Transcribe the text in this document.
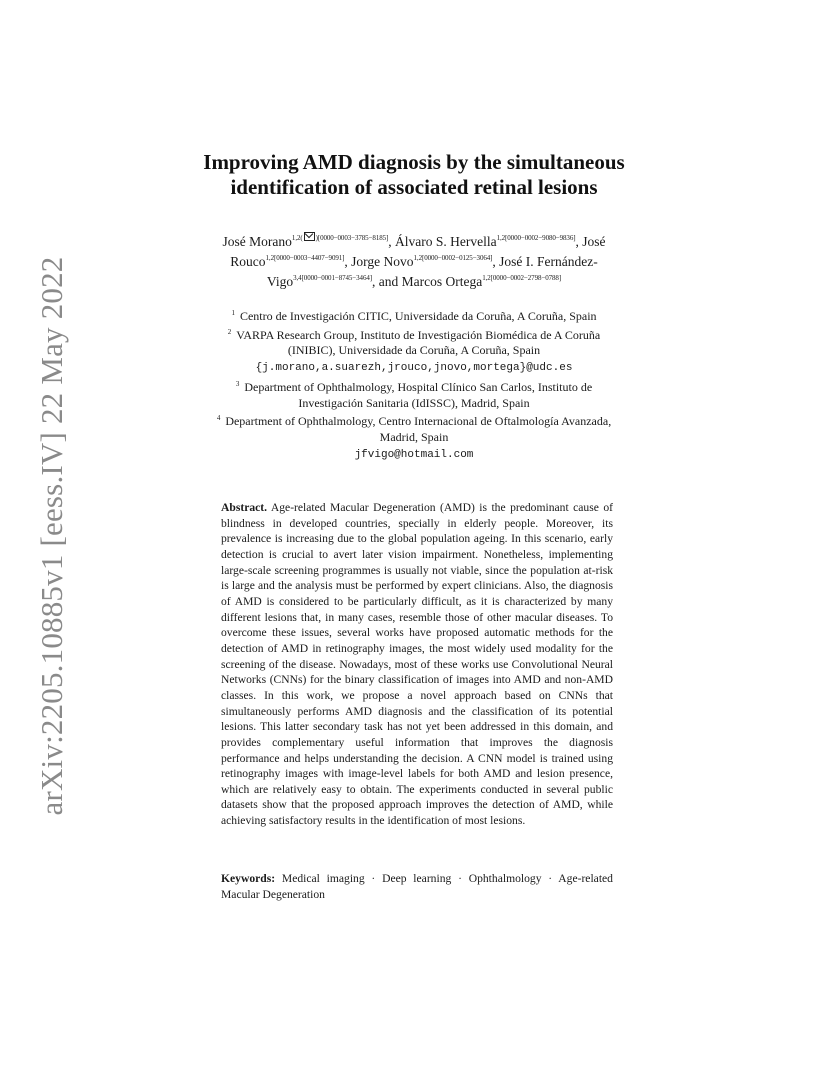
arXiv:2205.10885v1 [eess.IV] 22 May 2022
Improving AMD diagnosis by the simultaneous
identification of associated retinal lesions
José Morano$^{1,2( )[0000-0003-3785-8185]}$, Álvaro S. Hervella$^{1,2[0000-0002-9080-9836]}$, José Rouco$^{1,2[0000-0003-4407-9091]}$, Jorge Novo$^{1,2[0000-0002-0125-3064]}$, José I. Fernández-Vigo$^{3,4[0000-0001-8745-3464]}$, and Marcos Ortega$^{1,2[0000-0002-2798-0788]}$
$^1$ Centro de Investigación CITIC, Universidade da Coruña, A Coruña, Spain
$^2$ VARPA Research Group, Instituto de Investigación Biomédica de A Coruña
(INIBIC), Universidade da Coruña, A Coruña, Spain
{j.morano,a.suarezh,jrouco,jnovo,mortega}@udc.es
$^3$ Department of Ophthalmology, Hospital Clínico San Carlos, Instituto de
Investigación Sanitaria (IdISSC), Madrid, Spain
$^4$ Department of Ophthalmology, Centro Internacional de Oftalmología Avanzada,
Madrid, Spain
jfvigo@hotmail.com
Abstract. Age-related Macular Degeneration (AMD) is the predominant cause of blindness in developed countries, specially in elderly people. Moreover, its prevalence is increasing due to the global population ageing. In this scenario, early detection is crucial to avert later vision impairment. Nonetheless, implementing large-scale screening programmes is usually not viable, since the population at-risk is large and the analysis must be performed by expert clinicians. Also, the diagnosis of AMD is considered to be particularly difficult, as it is characterized by many different lesions that, in many cases, resemble those of other macular diseases. To overcome these issues, several works have proposed automatic methods for the detection of AMD in retinography images, the most widely used modality for the screening of the disease. Nowadays, most of these works use Convolutional Neural Networks (CNNs) for the binary classification of images into AMD and non-AMD classes. In this work, we propose a novel approach based on CNNs that simultaneously performs AMD diagnosis and the classification of its potential lesions. This latter secondary task has not yet been addressed in this domain, and provides complementary useful information that improves the diagnosis performance and helps understanding the decision. A CNN model is trained using retinography images with image-level labels for both AMD and lesion presence, which are relatively easy to obtain. The experiments conducted in several public datasets show that the proposed approach improves the detection of AMD, while achieving satisfactory results in the identification of most lesions.
Keywords: Medical imaging · Deep learning · Ophthalmology · Age-related Macular Degeneration
